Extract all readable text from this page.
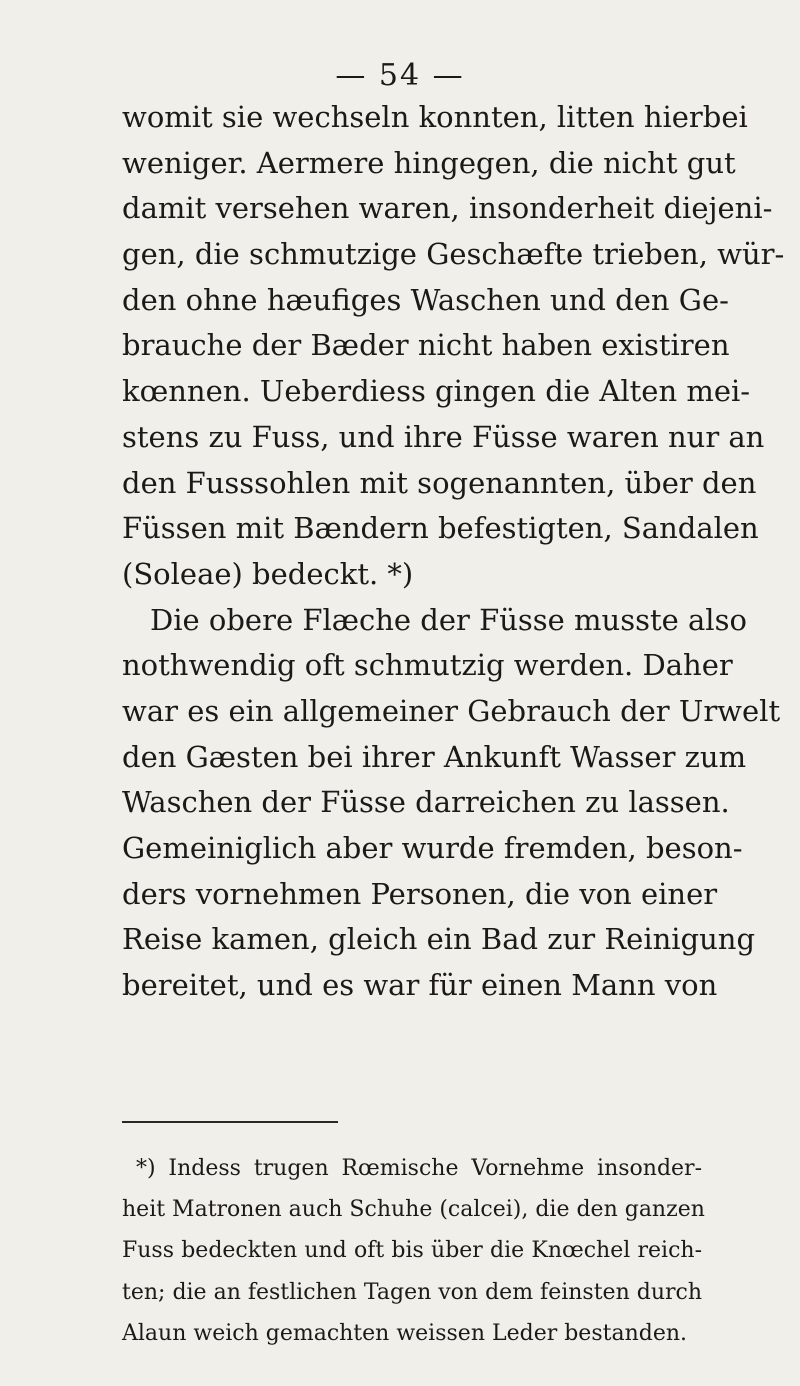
— 54 —
womit sie wechseln konnten, litten hierbei
weniger. Aermere hingegen, die nicht gut
damit versehen waren, insonderheit diejeni-
gen, die schmutzige Geschæfte trieben, wür-
den ohne hæufiges Waschen und den Ge-
brauche der Bæder nicht haben existiren
kœnnen. Ueberdiess gingen die Alten mei-
stens zu Fuss, und ihre Füsse waren nur an
den Fusssohlen mit sogenannten, über den
Füssen mit Bændern befestigten, Sandalen
(Soleae) bedeckt. *)
Die obere Flæche der Füsse musste also
nothwendig oft schmutzig werden. Daher
war es ein allgemeiner Gebrauch der Urwelt
den Gæsten bei ihrer Ankunft Wasser zum
Waschen der Füsse darreichen zu lassen.
Gemeiniglich aber wurde fremden, beson-
ders vornehmen Personen, die von einer
Reise kamen, gleich ein Bad zur Reinigung
bereitet, und es war für einen Mann von
*) Indess trugen Rœmische Vornehme insonder-
heit Matronen auch Schuhe (calcei), die den ganzen
Fuss bedeckten und oft bis über die Knœchel reich-
ten; die an festlichen Tagen von dem feinsten durch
Alaun weich gemachten weissen Leder bestanden.
